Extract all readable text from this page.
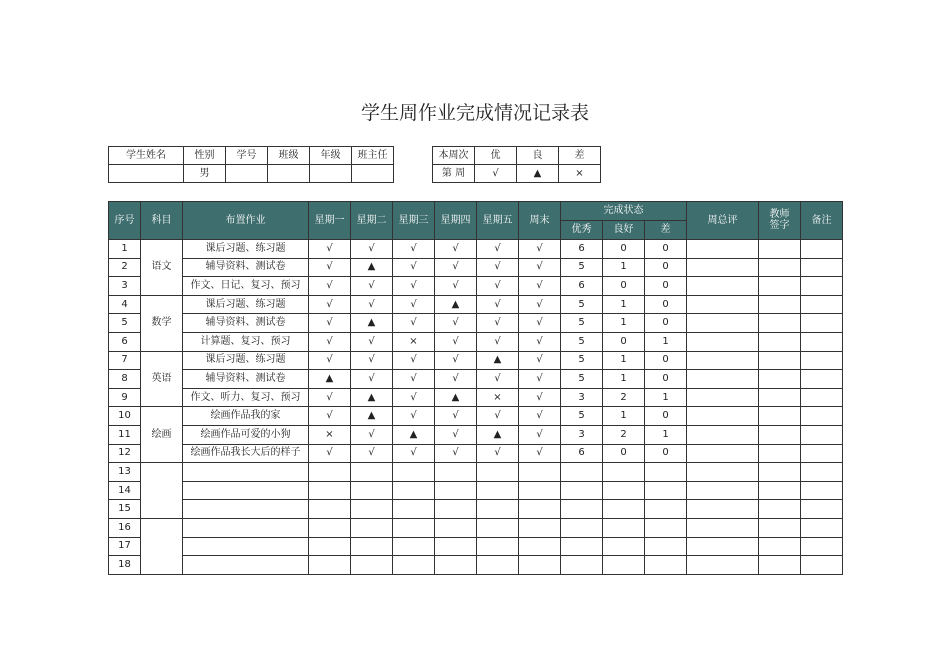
学生周作业完成情况记录表
学生姓名	性别	学号	班级	年级	班主任
	男				
本周次	优	良	差
第 周	√	▲	×
序号	科目	布置作业	星期一	星期二	星期三	星期四	星期五	周末	完成状态			周总评	教师签字	备注
									优秀	良好	差			
1	语文	课后习题、练习题	√	√	√	√	√	√	6	0	0			
2		辅导资料、测试卷	√	▲	√	√	√	√	5	1	0			
3		作文、日记、复习、预习	√	√	√	√	√	√	6	0	0			
4	数学	课后习题、练习题	√	√	√	▲	√	√	5	1	0			
5		辅导资料、测试卷	√	▲	√	√	√	√	5	1	0			
6		计算题、复习、预习	√	√	×	√	√	√	5	0	1			
7	英语	课后习题、练习题	√	√	√	√	▲	√	5	1	0			
8		辅导资料、测试卷	▲	√	√	√	√	√	5	1	0			
9		作文、听力、复习、预习	√	▲	√	▲	×	√	3	2	1			
10	绘画	绘画作品我的家	√	▲	√	√	√	√	5	1	0			
11		绘画作品可爱的小狗	×	√	▲	√	▲	√	3	2	1			
12		绘画作品我长大后的样子	√	√	√	√	√	√	6	0	0			
13														
14														
15														
16														
17														
18														
